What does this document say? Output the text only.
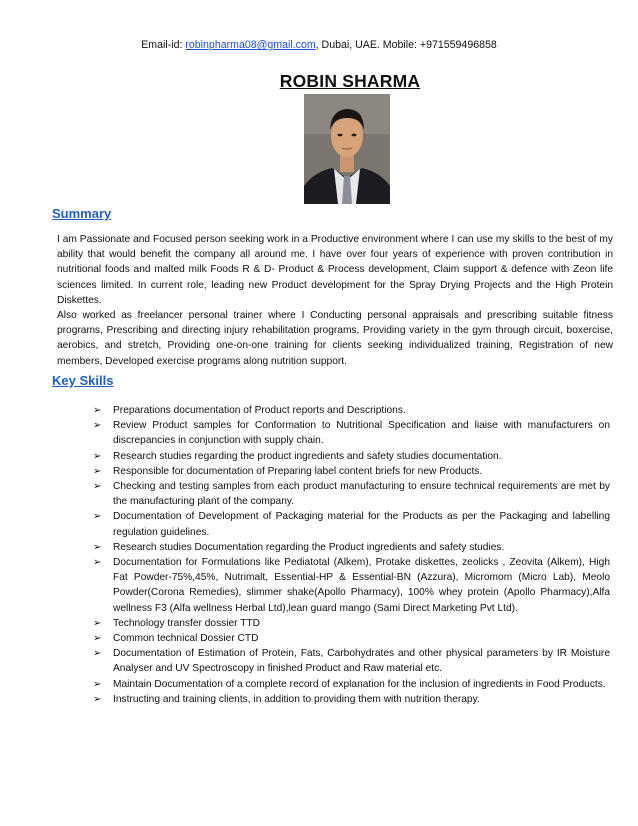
Email-id: robinpharma08@gmail.com, Dubai, UAE. Mobile: +971559496858
ROBIN SHARMA
Summary

I am Passionate and Focused person seeking work in a Productive environment where I can use my skills to the best of my ability that would benefit the company all around me. I have over four years of experience with proven contribution in nutritional foods and malted milk Foods R & D- Product & Process development, Claim support & defence with Zeon life sciences limited. In current role, leading new Product development for the Spray Drying Projects and the High Protein Diskettes.

Also worked as freelancer personal trainer where I Conducting personal appraisals and prescribing suitable fitness programs, Prescribing and directing injury rehabilitation programs, Providing variety in the gym through circuit, boxercise, aerobics, and stretch, Providing one-on-one training for clients seeking individualized training, Registration of new members, Developed exercise programs along nutrition support.

Key Skills
➢ Preparations documentation of Product reports and Descriptions.
➢ Review Product samples for Conformation to Nutritional Specification and liaise with manufacturers on discrepancies in conjunction with supply chain.
➢ Research studies regarding the product ingredients and safety studies documentation.
➢ Responsible for documentation of Preparing label content briefs for new Products.
➢ Checking and testing samples from each product manufacturing to ensure technical requirements are met by the manufacturing plant of the company.
➢ Documentation of Development of Packaging material for the Products as per the Packaging and labelling regulation guidelines.
➢ Research studies Documentation regarding the Product ingredients and safety studies.
➢ Documentation for Formulations like Pediatotal (Alkem), Protake diskettes, zeolicks , Zeovita (Alkem), High Fat Powder-75%,45%, Nutrimalt, Essential-HP & Essential-BN (Azzura), Micromom (Micro Lab), Meolo Powder(Corona Remedies), slimmer shake(Apollo Pharmacy), 100% whey protein (Apollo Pharmacy),Alfa wellness F3 (Alfa wellness Herbal Ltd),lean guard mango (Sami Direct Marketing Pvt Ltd).
➢ Technology transfer dossier TTD
➢ Common technical Dossier CTD
➢ Documentation of Estimation of Protein, Fats, Carbohydrates and other physical parameters by IR Moisture Analyser and UV Spectroscopy in finished Product and Raw material etc.
➢ Maintain Documentation of a complete record of explanation for the inclusion of ingredients in Food Products.
➢ Instructing and training clients, in addition to providing them with nutrition therapy.
